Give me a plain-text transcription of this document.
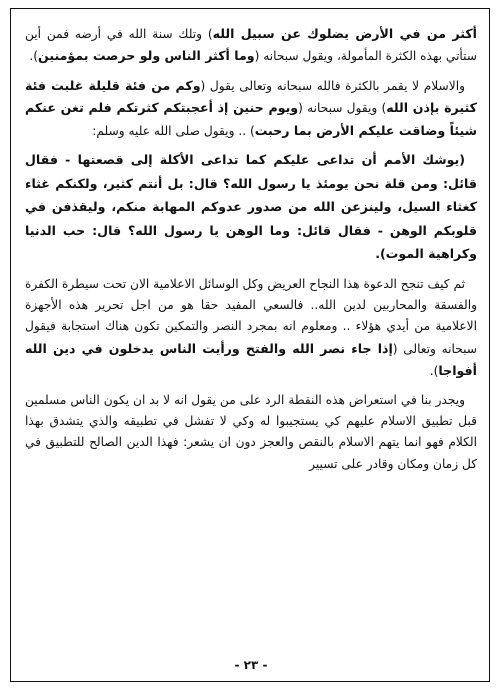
أكثر من في الأرض يضلوك عن سبيل الله) وتلك سنة الله في أرضه فمن أين ستأتي بهذه الكثرة المأمولة، ويقول سبحانه (وما أكثر الناس ولو حرصت بمؤمنين).

والاسلام لا يقمر بالكثرة فالله سبحانه وتعالى يقول (وكم من فئة قليلة غلبت فئة كثيرة بإذن الله) ويقول سبحانه (ويوم حنين إذ أعجبتكم كثرتكم فلم تغن عنكم شيئاً وضاقت عليكم الأرض بما رحبت) .. ويقول صلى الله عليه وسلم:

(يوشك الأمم أن تداعى عليكم كما تداعى الأكلة إلى قصعتها - فقال قائل: ومن قلة نحن يومئذ يا رسول الله؟ قال: بل أنتم كثير، ولكنكم غثاء كغثاء السيل، ولينزعن الله من صدور عدوكم المهابة منكم، وليقذفن في قلوبكم الوهن - فقال قائل: وما الوهن يا رسول الله؟ قال: حب الدنيا وكراهية الموت).

ثم كيف تنجح الدعوة هذا النجاح العريض وكل الوسائل الاعلامية الان تحت سيطرة الكفرة والفسقة والمحاربين لدين الله.. فالسعي المفيد حقا هو من اجل تحرير هذه الأجهزة الاعلامية من أيدي هؤلاء .. ومعلوم انه بمجرد النصر والتمكين تكون هناك استجابة فيقول سبحانه وتعالى (إذا جاء نصر الله والفتح ورأيت الناس يدخلون في دين الله أفواجا).

ويجدر بنا في استعراض هذه النقطة الرد على من يقول انه لا بد ان يكون الناس مسلمين قبل تطبيق الاسلام عليهم كي يستجيبوا له وكي لا تفشل في تطبيقه والذي يتشدق بهذا الكلام فهو انما يتهم الاسلام بالنقص والعجز دون ان يشعر: فهذا الدين الصالح للتطبيق في كل زمان ومكان وقادر على تسيير

- ٢٣ -
